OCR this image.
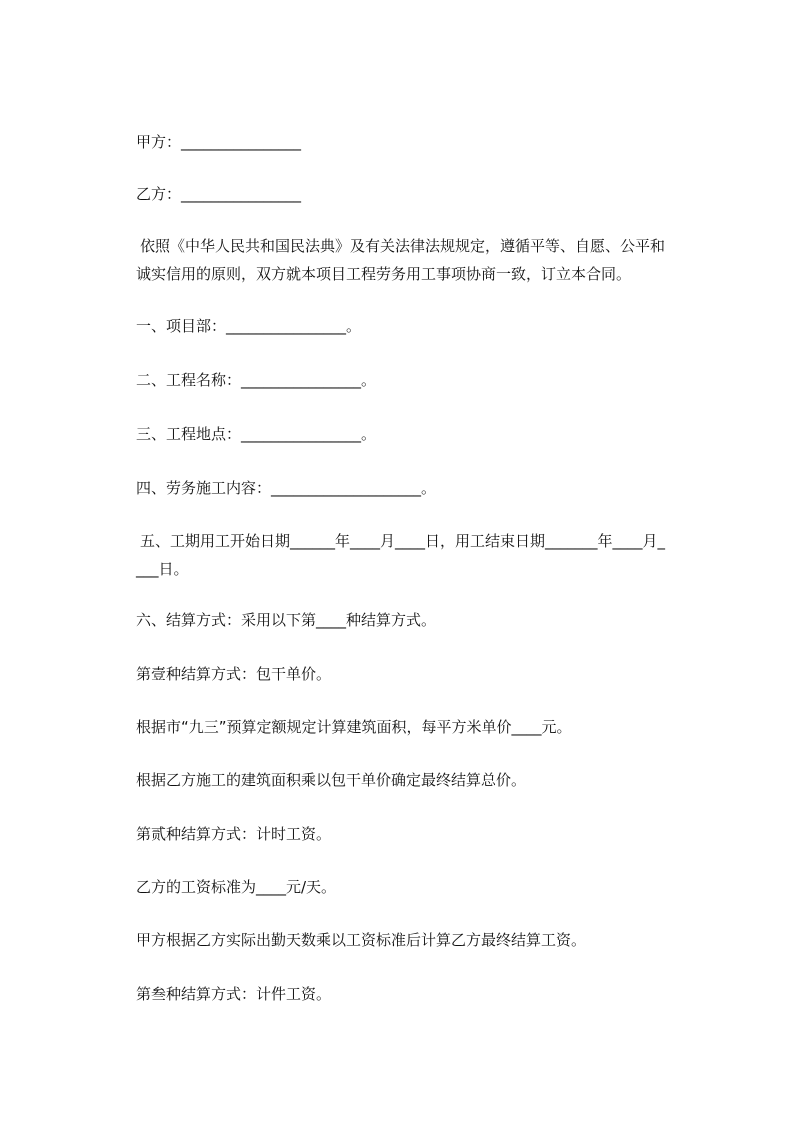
甲方：________________
乙方：________________
依照《中华人民共和国民法典》及有关法律法规规定，遵循平等、自愿、公平和
诚实信用的原则，双方就本项目工程劳务用工事项协商一致，订立本合同。
一、项目部：________________。
二、工程名称：________________。
三、工程地点：________________。
四、劳务施工内容：____________________。
五、工期用工开始日期______年____月____日，用工结束日期_______年____月_
___日。
六、结算方式：采用以下第____种结算方式。
第壹种结算方式：包干单价。
根据市“九三”预算定额规定计算建筑面积，每平方米单价____元。
根据乙方施工的建筑面积乘以包干单价确定最终结算总价。
第贰种结算方式：计时工资。
乙方的工资标准为____元/天。
甲方根据乙方实际出勤天数乘以工资标准后计算乙方最终结算工资。
第叁种结算方式：计件工资。
